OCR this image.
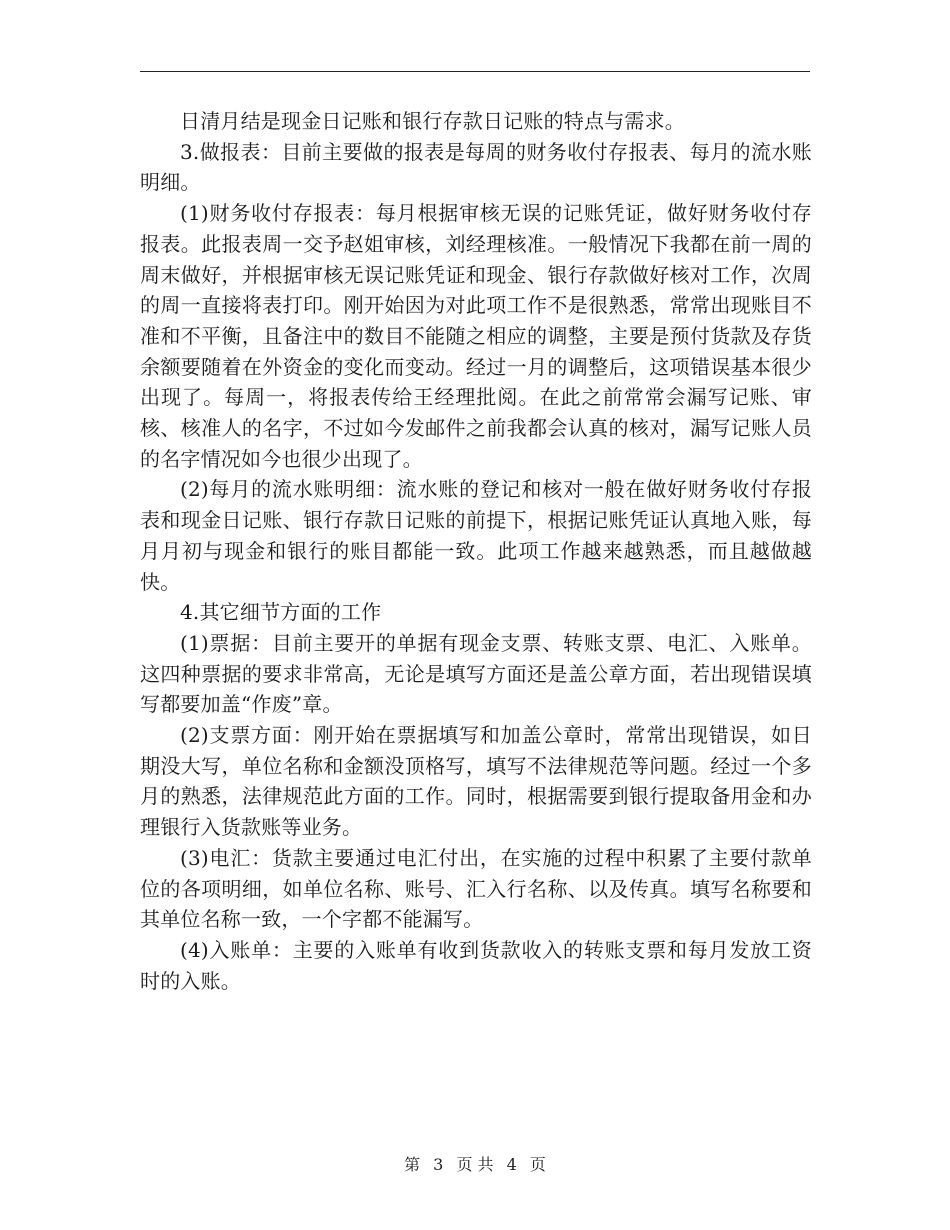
日清月结是现金日记账和银行存款日记账的特点与需求。

3.做报表：目前主要做的报表是每周的财务收付存报表、每月的流水账明细。

(1)财务收付存报表：每月根据审核无误的记账凭证，做好财务收付存报表。此报表周一交予赵姐审核，刘经理核准。一般情况下我都在前一周的周末做好，并根据审核无误记账凭证和现金、银行存款做好核对工作，次周的周一直接将表打印。刚开始因为对此项工作不是很熟悉，常常出现账目不准和不平衡，且备注中的数目不能随之相应的调整，主要是预付货款及存货余额要随着在外资金的变化而变动。经过一月的调整后，这项错误基本很少出现了。每周一，将报表传给王经理批阅。在此之前常常会漏写记账、审核、核准人的名字，不过如今发邮件之前我都会认真的核对，漏写记账人员的名字情况如今也很少出现了。

(2)每月的流水账明细：流水账的登记和核对一般在做好财务收付存报表和现金日记账、银行存款日记账的前提下，根据记账凭证认真地入账，每月月初与现金和银行的账目都能一致。此项工作越来越熟悉，而且越做越快。

4.其它细节方面的工作

(1)票据：目前主要开的单据有现金支票、转账支票、电汇、入账单。这四种票据的要求非常高，无论是填写方面还是盖公章方面，若出现错误填写都要加盖“作废”章。

(2)支票方面：刚开始在票据填写和加盖公章时，常常出现错误，如日期没大写，单位名称和金额没顶格写，填写不法律规范等问题。经过一个多月的熟悉，法律规范此方面的工作。同时，根据需要到银行提取备用金和办理银行入货款账等业务。

(3)电汇：货款主要通过电汇付出，在实施的过程中积累了主要付款单位的各项明细，如单位名称、账号、汇入行名称、以及传真。填写名称要和其单位名称一致，一个字都不能漏写。

(4)入账单：主要的入账单有收到货款收入的转账支票和每月发放工资时的入账。

第 3 页 共 4 页
